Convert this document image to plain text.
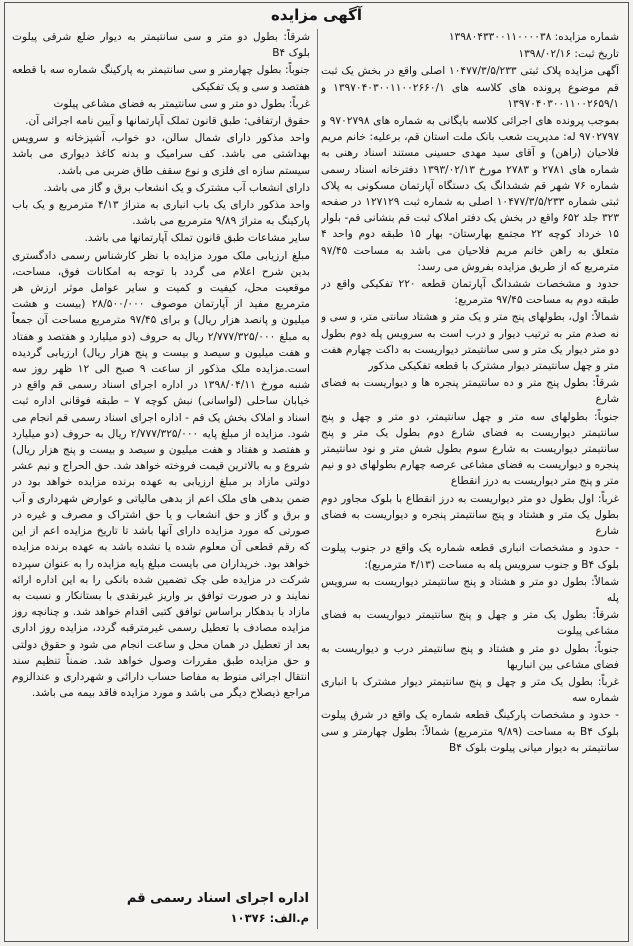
آگهی مزایده

شماره مزایده: ۱۳۹۸۰۴۳۳۰۰۱۱۰۰۰۰۳۸

تاریخ ثبت: ۱۳۹۸/۰۲/۱۶

آگهی مزایده پلاک ثبتی ۱۰۴۷۷/۳/۵/۲۳۳ اصلی واقع در بخش یک ثبت قم موضوع پرونده های کلاسه های ۱۳۹۷۰۴۰۳۰۰۱۱۰۰۲۶۶۰/۱ و ۱۳۹۷۰۴۰۳۰۰۱۱۰۰۲۶۵۹/۱

بموجب پرونده های اجرائی کلاسه بایگانی به شماره های ۹۷۰۲۷۹۸ و ۹۷۰۲۷۹۷ له: مدیریت شعب بانک ملت استان قم، برعلیه: خانم مریم فلاحیان (راهن) و آقای سید مهدی حسینی مستند اسناد رهنی به شماره های ۲۷۸۱ و ۲۷۸۳ مورخ ۱۳۹۳/۰۲/۱۳ دفترخانه اسناد رسمی شماره ۷۶ شهر قم ششدانگ یک دستگاه آپارتمان مسکونی به پلاک ثبتی شماره ۱۰۴۷۷/۳/۵/۲۳۳ اصلی به شماره ثبت ۱۲۷۱۲۹ در صفحه ۳۲۳ جلد ۶۵۲ واقع در بخش یک دفتر املاک ثبت قم بنشانی قم- بلوار ۱۵ خرداد کوچه ۲۲ مجتمع بهارستان- بهار ۱۵ طبقه دوم واحد ۴ متعلق به راهن خانم مریم فلاحیان می باشد به مساحت ۹۷/۴۵ مترمربع که از طریق مزایده بفروش می رسد:

حدود و مشخصات ششدانگ آپارتمان قطعه ۲۲۰ تفکیکی واقع در طبقه دوم به مساحت ۹۷/۴۵ مترمربع:

شمالاً: اول، بطولهای پنج متر و یک متر و هشتاد سانتی متر، و سی و نه صدم متر به ترتیب دیوار و درب است به سرویس پله دوم بطول دو متر دیوار یک متر و سی سانتیمتر دیواریست به داکت چهارم هفت متر و چهل سانتیمتر دیوار مشترک با قطعه تفکیکی مذکور

شرقاً: بطول پنج متر و ده سانتیمتر پنجره ها و دیواریست به فضای شارع

جنوباً: بطولهای سه متر و چهل سانتیمتر، دو متر و چهل و پنج سانتیمتر دیواریست به فضای شارع دوم بطول یک متر و پنج سانتیمتر دیواریست به شارع سوم بطول شش متر و نود سانتیمتر پنجره و دیواریست به فضای مشاعی عرصه چهارم بطولهای دو و نیم متر و پنج متر دیواریست به درز انقطاع

غرباً: اول بطول دو متر دیواریست به درز انقطاع با بلوک مجاور دوم بطول یک متر و هشتاد و پنج سانتیمتر پنجره و دیواریست به فضای شارع

- حدود و مشخصات انباری قطعه شماره یک واقع در جنوب پیلوت بلوک B۴ و جنوب سرویس پله به مساحت (۴/۱۳ مترمربع):

شمالاً: بطول دو متر و هشتاد و پنج سانتیمتر دیواریست به سرویس پله

شرقاً: بطول یک متر و چهل و پنج سانتیمتر دیواریست به فضای مشاعی پیلوت

جنوباً: بطول دو متر و هشتاد و پنج سانتیمتر درب و دیواریست به فضای مشاعی بین انباریها

غرباً: بطول یک متر و چهل و پنج سانتیمتر دیوار مشترک با انباری شماره سه

- حدود و مشخصات پارکینگ قطعه شماره یک واقع در شرق پیلوت بلوک B۴ به مساحت (۹/۸۹ مترمربع) شمالاً: بطول چهارمتر و سی سانتیمتر به دیوار میانی پیلوت بلوک B۴

شرقاً: بطول دو متر و سی سانتیمتر به دیوار ضلع شرقی پیلوت بلوک B۴

جنوباً: بطول چهارمتر و سی سانتیمتر به پارکینگ شماره سه با قطعه هفتصد و سی و یک تفکیکی

غرباً: بطول دو متر و سی سانتیمتر به فضای مشاعی پیلوت

حقوق ارتفاقی: طبق قانون تملک آپارتمانها و آیین نامه اجرائی آن.

واحد مذکور دارای شمال سالن، دو خواب، آشپزخانه و سرویس بهداشتی می باشد. کف سرامیک و بدنه کاغذ دیواری می باشد سیستم سازه ای فلزی و نوع سقف طاق ضربی می باشد.

دارای انشعاب آب مشترک و یک انشعاب برق و گاز می باشد.

واحد مذکور دارای یک باب انباری به متراژ ۴/۱۳ مترمربع و یک باب پارکینگ به متراژ ۹/۸۹ مترمربع می باشد.

سایر مشاعات طبق قانون تملک آپارتمانها می باشد.

مبلغ ارزیابی ملک مورد مزایده با نظر کارشناس رسمی دادگستری بدین شرح اعلام می گردد با توجه به امکانات فوق، مساحت، موقعیت محل، کیفیت و کمیت و سایر عوامل موثر ارزش هر مترمربع مفید از آپارتمان موصوف ۲۸/۵۰۰/۰۰۰ (بیست و هشت میلیون و پانصد هزار ریال) و برای ۹۷/۴۵ مترمربع مساحت آن جمعاً به مبلغ ۲/۷۷۷/۳۲۵/۰۰۰ ریال به حروف (دو میلیارد و هفتصد و هفتاد و هفت میلیون و سیصد و بیست و پنج هزار ریال) ارزیابی گردیده است.مزایده ملک مذکور از ساعت ۹ صبح الی ۱۲ ظهر روز سه شنبه مورخ ۱۳۹۸/۰۴/۱۱ در اداره اجرای اسناد رسمی قم واقع در خیابان ساحلی (لواسانی) نبش کوچه ۷ – طبقه فوقانی اداره ثبت اسناد و املاک بخش یک قم - اداره اجرای اسناد رسمی قم انجام می شود. مزایده از مبلغ پایه ۲/۷۷۷/۳۲۵/۰۰۰ ریال به حروف (دو میلیارد و هفتصد و هفتاد و هفت میلیون و سیصد و بیست و پنج هزار ریال) شروع و به بالاترین قیمت فروخته خواهد شد. حق الحراج و نیم عشر دولتی مازاد بر مبلغ ارزیابی به عهده برنده مزایده خواهد بود در ضمن بدهی های ملک اعم از بدهی مالیاتی و عوارض شهرداری و آب و برق و گاز و حق انشعاب و یا حق اشتراک و مصرف و غیره در صورتی که مورد مزایده دارای آنها باشد تا تاریخ مزایده اعم از این که رقم قطعی آن معلوم شده یا نشده باشد به عهده برنده مزایده خواهد بود. خریداران می بایست مبلغ پایه مزایده را به عنوان سپرده شرکت در مزایده طی چک تضمین شده بانکی را به این اداره ارائه نمایند و در صورت توافق بر واریز غیرنقدی با بستانکار و نسبت به مازاد با بدهکار براساس توافق کتبی اقدام خواهد شد. و چنانچه روز مزایده مصادف با تعطیل رسمی غیرمترقبه گردد، مزایده روز اداری بعد از تعطیل در همان محل و ساعت انجام می شود و حقوق دولتی و حق مزایده طبق مقررات وصول خواهد شد. ضمناً تنظیم سند انتقال اجرائی منوط به مفاصا حساب دارائی و شهرداری و عندالزوم مراجع ذیصلاح دیگر می باشد و مورد مزایده فاقد بیمه می باشد.

اداره اجرای اسناد رسمی قم
م.الف: ۱۰۳۷۶
